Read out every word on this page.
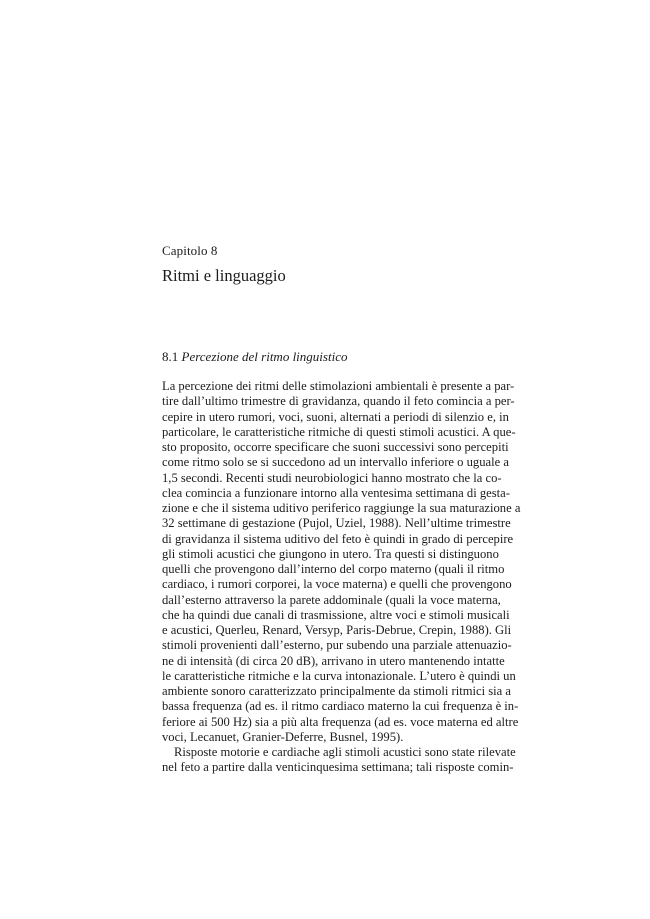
Capitolo 8
Ritmi e linguaggio
8.1 Percezione del ritmo linguistico
La percezione dei ritmi delle stimolazioni ambientali è presente a par-
tire dall’ultimo trimestre di gravidanza, quando il feto comincia a per-
cepire in utero rumori, voci, suoni, alternati a periodi di silenzio e, in
particolare, le caratteristiche ritmiche di questi stimoli acustici. A que-
sto proposito, occorre specificare che suoni successivi sono percepiti
come ritmo solo se si succedono ad un intervallo inferiore o uguale a
1,5 secondi. Recenti studi neurobiologici hanno mostrato che la co-
clea comincia a funzionare intorno alla ventesima settimana di gesta-
zione e che il sistema uditivo periferico raggiunge la sua maturazione a
32 settimane di gestazione (Pujol, Uziel, 1988). Nell’ultime trimestre
di gravidanza il sistema uditivo del feto è quindi in grado di percepire
gli stimoli acustici che giungono in utero. Tra questi si distinguono
quelli che provengono dall’interno del corpo materno (quali il ritmo
cardiaco, i rumori corporei, la voce materna) e quelli che provengono
dall’esterno attraverso la parete addominale (quali la voce materna,
che ha quindi due canali di trasmissione, altre voci e stimoli musicali
e acustici, Querleu, Renard, Versyp, Paris-Debrue, Crepin, 1988). Gli
stimoli provenienti dall’esterno, pur subendo una parziale attenuazio-
ne di intensità (di circa 20 dB), arrivano in utero mantenendo intatte
le caratteristiche ritmiche e la curva intonazionale. L’utero è quindi un
ambiente sonoro caratterizzato principalmente da stimoli ritmici sia a
bassa frequenza (ad es. il ritmo cardiaco materno la cui frequenza è in-
feriore ai 500 Hz) sia a più alta frequenza (ad es. voce materna ed altre
voci, Lecanuet, Granier-Deferre, Busnel, 1995).
Risposte motorie e cardiache agli stimoli acustici sono state rilevate
nel feto a partire dalla venticinquesima settimana; tali risposte comin-
